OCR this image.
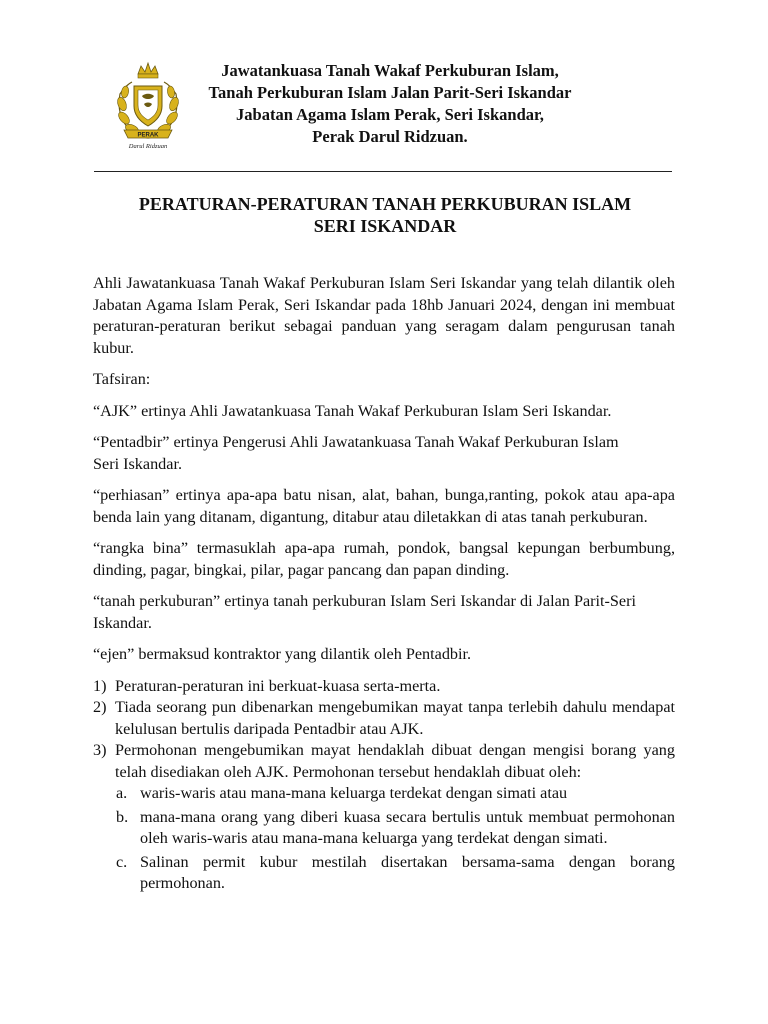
PERAK
Darul Ridzuan
Jawatankuasa Tanah Wakaf Perkuburan Islam,
Tanah Perkuburan Islam Jalan Parit-Seri Iskandar
Jabatan Agama Islam Perak, Seri Iskandar,
Perak Darul Ridzuan.
PERATURAN-PERATURAN TANAH PERKUBURAN ISLAM
SERI ISKANDAR

Ahli Jawatankuasa Tanah Wakaf Perkuburan Islam Seri Iskandar yang telah dilantik oleh Jabatan Agama Islam Perak, Seri Iskandar pada 18hb Januari 2024, dengan ini membuat peraturan-peraturan berikut sebagai panduan yang seragam dalam pengurusan tanah kubur.

Tafsiran:

“AJK” ertinya Ahli Jawatankuasa Tanah Wakaf Perkuburan Islam Seri Iskandar.

“Pentadbir” ertinya Pengerusi Ahli Jawatankuasa Tanah Wakaf Perkuburan Islam Seri Iskandar.

“perhiasan” ertinya apa-apa batu nisan, alat, bahan, bunga,ranting, pokok atau apa-apa benda lain yang ditanam, digantung, ditabur atau diletakkan di atas tanah perkuburan.

“rangka bina” termasuklah apa-apa rumah, pondok, bangsal kepungan berbumbung, dinding, pagar, bingkai, pilar, pagar pancang dan papan dinding.

“tanah perkuburan” ertinya tanah perkuburan Islam Seri Iskandar di Jalan Parit-Seri Iskandar.

“ejen” bermaksud kontraktor yang dilantik oleh Pentadbir.

1) Peraturan-peraturan ini berkuat-kuasa serta-merta.
2) Tiada seorang pun dibenarkan mengebumikan mayat tanpa terlebih dahulu mendapat kelulusan bertulis daripada Pentadbir atau AJK.
3) Permohonan mengebumikan mayat hendaklah dibuat dengan mengisi borang yang telah disediakan oleh AJK. Permohonan tersebut hendaklah dibuat oleh:
a. waris-waris atau mana-mana keluarga terdekat dengan simati atau
b. mana-mana orang yang diberi kuasa secara bertulis untuk membuat permohonan oleh waris-waris atau mana-mana keluarga yang terdekat dengan simati.
c. Salinan permit kubur mestilah disertakan bersama-sama dengan borang permohonan.
